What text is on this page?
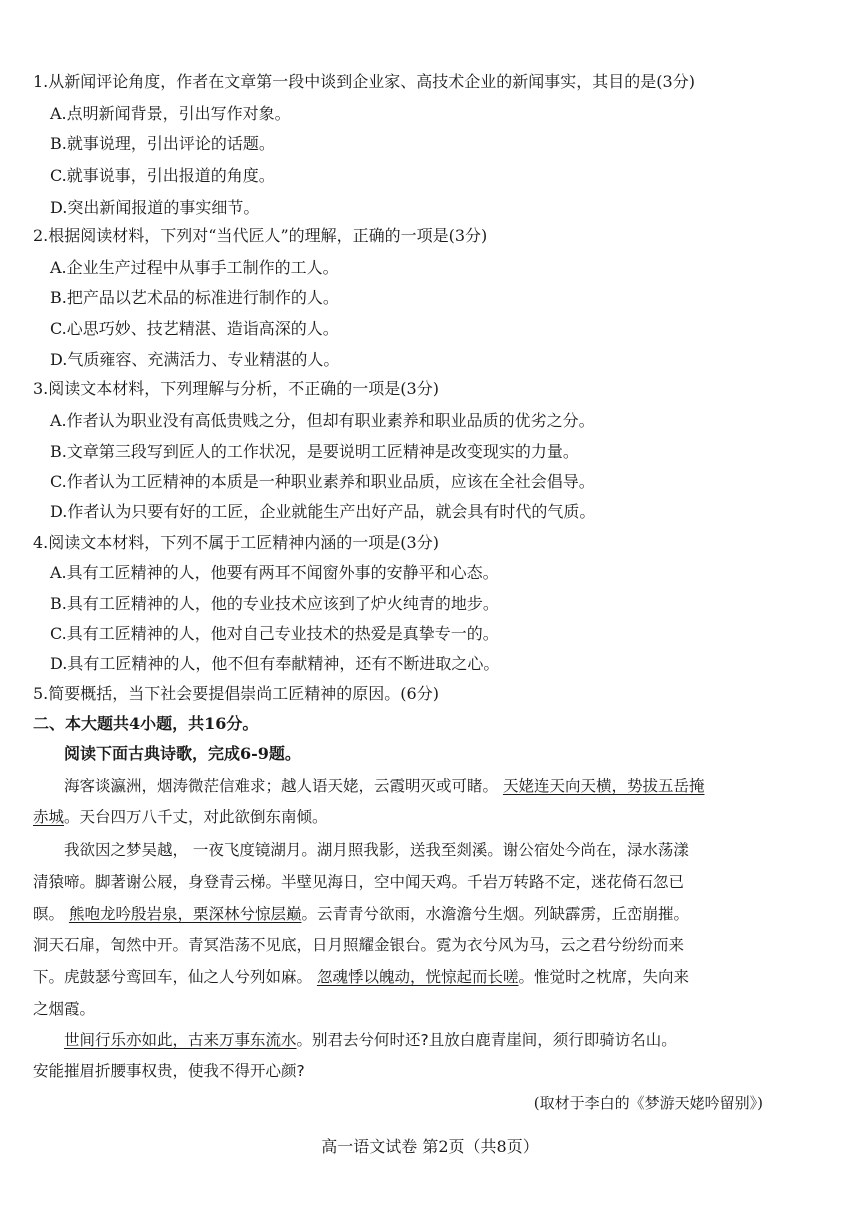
1.从新闻评论角度，作者在文章第一段中谈到企业家、高技术企业的新闻事实，其目的是(3分)
A.点明新闻背景，引出写作对象。
B.就事说理，引出评论的话题。
C.就事说事，引出报道的角度。
D.突出新闻报道的事实细节。
2.根据阅读材料，下列对“当代匠人”的理解，正确的一项是(3分)
A.企业生产过程中从事手工制作的工人。
B.把产品以艺术品的标准进行制作的人。
C.心思巧妙、技艺精湛、造诣高深的人。
D.气质雍容、充满活力、专业精湛的人。
3.阅读文本材料，下列理解与分析，不正确的一项是(3分)
A.作者认为职业没有高低贵贱之分，但却有职业素养和职业品质的优劣之分。
B.文章第三段写到匠人的工作状况，是要说明工匠精神是改变现实的力量。
C.作者认为工匠精神的本质是一种职业素养和职业品质，应该在全社会倡导。
D.作者认为只要有好的工匠，企业就能生产出好产品，就会具有时代的气质。
4.阅读文本材料，下列不属于工匠精神内涵的一项是(3分)
A.具有工匠精神的人，他要有两耳不闻窗外事的安静平和心态。
B.具有工匠精神的人，他的专业技术应该到了炉火纯青的地步。
C.具有工匠精神的人，他对自己专业技术的热爱是真挚专一的。
D.具有工匠精神的人，他不但有奉献精神，还有不断进取之心。
5.简要概括，当下社会要提倡崇尚工匠精神的原因。(6分)
二、本大题共4小题，共16分。
阅读下面古典诗歌，完成6-9题。
海客谈瀛洲，烟涛微茫信难求；越人语天姥，云霞明灭或可睹。 天姥连天向天横，势拔五岳掩
赤城。天台四万八千丈，对此欲倒东南倾。
我欲因之梦吴越， 一夜飞度镜湖月。湖月照我影，送我至剡溪。谢公宿处今尚在，渌水荡漾
清猿啼。脚著谢公屐，身登青云梯。半壁见海日，空中闻天鸡。千岩万转路不定，迷花倚石忽已
暝。 熊咆龙吟殷岩泉，栗深林兮惊层巅。云青青兮欲雨，水澹澹兮生烟。列缺霹雳，丘峦崩摧。
洞天石扉，訇然中开。青冥浩荡不见底，日月照耀金银台。霓为衣兮风为马，云之君兮纷纷而来
下。虎鼓瑟兮鸾回车，仙之人兮列如麻。 忽魂悸以魄动，恍惊起而长嗟。惟觉时之枕席，失向来
之烟霞。
世间行乐亦如此，古来万事东流水。别君去兮何时还?且放白鹿青崖间，须行即骑访名山。
安能摧眉折腰事权贵，使我不得开心颜?
(取材于李白的《梦游天姥吟留别》)
高一语文试卷 第2页（共8页）
